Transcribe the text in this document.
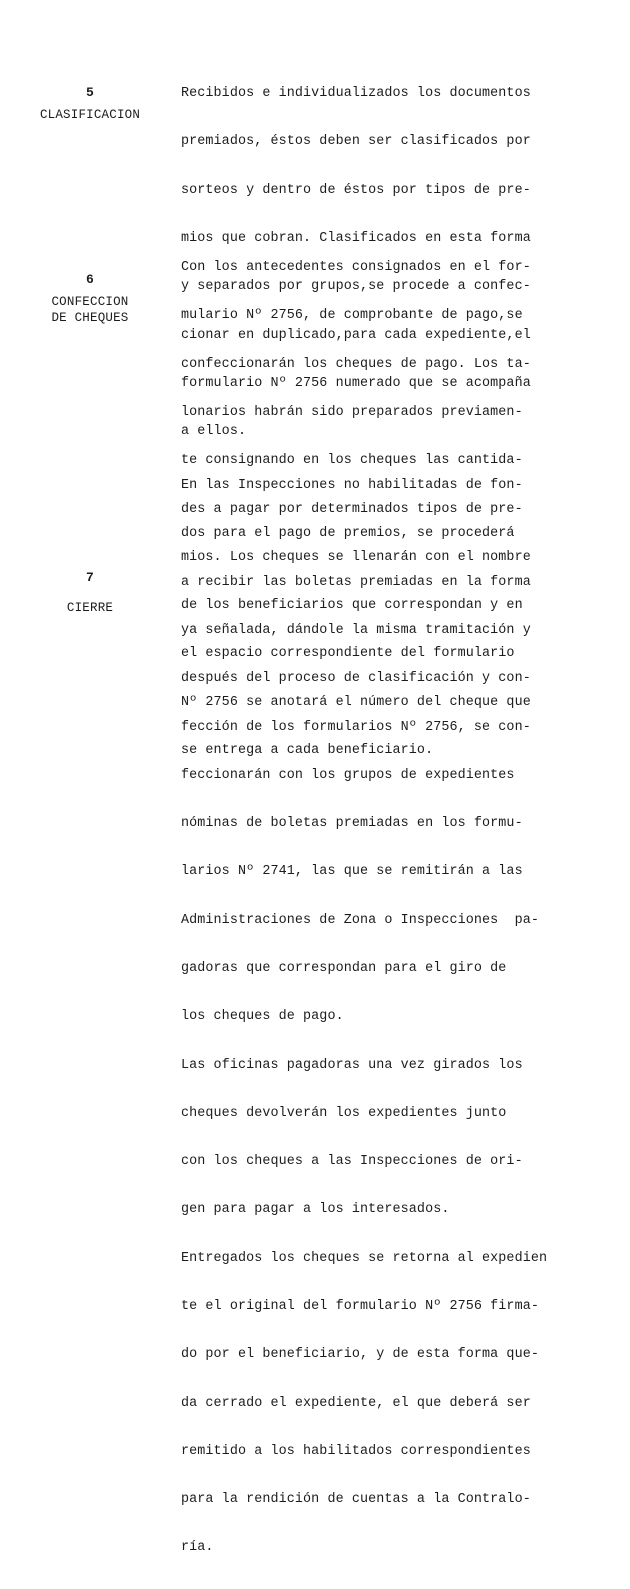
5
CLASIFICACION

Recibidos e individualizados los documentos

premiados, éstos deben ser clasificados por

sorteos y dentro de éstos por tipos de pre-

mios que cobran. Clasificados en esta forma

y separados por grupos,se procede a confec-

cionar en duplicado,para cada expediente,el

formulario Nº 2756 numerado que se acompaña

a ellos.

6
CONFECCION
DE CHEQUES

Con los antecedentes consignados en el for-

mulario Nº 2756, de comprobante de pago,se

confeccionarán los cheques de pago. Los ta-

lonarios habrán sido preparados previamen-

te consignando en los cheques las cantida-

des a pagar por determinados tipos de pre-

mios. Los cheques se llenarán con el nombre

de los beneficiarios que correspondan y en

el espacio correspondiente del formulario

Nº 2756 se anotará el número del cheque que

se entrega a cada beneficiario.

7
CIERRE

En las Inspecciones no habilitadas de fon-

dos para el pago de premios, se procederá

a recibir las boletas premiadas en la forma

ya señalada, dándole la misma tramitación y

después del proceso de clasificación y con-

fección de los formularios Nº 2756, se con-

feccionarán con los grupos de expedientes

nóminas de boletas premiadas en los formu-

larios Nº 2741, las que se remitirán a las

Administraciones de Zona o Inspecciones  pa-

gadoras que correspondan para el giro de

los cheques de pago.

Las oficinas pagadoras una vez girados los

cheques devolverán los expedientes junto

con los cheques a las Inspecciones de ori-

gen para pagar a los interesados.

Entregados los cheques se retorna al expedien

te el original del formulario Nº 2756 firma-

do por el beneficiario, y de esta forma que-

da cerrado el expediente, el que deberá ser

remitido a los habilitados correspondientes

para la rendición de cuentas a la Contralo-

ría.
